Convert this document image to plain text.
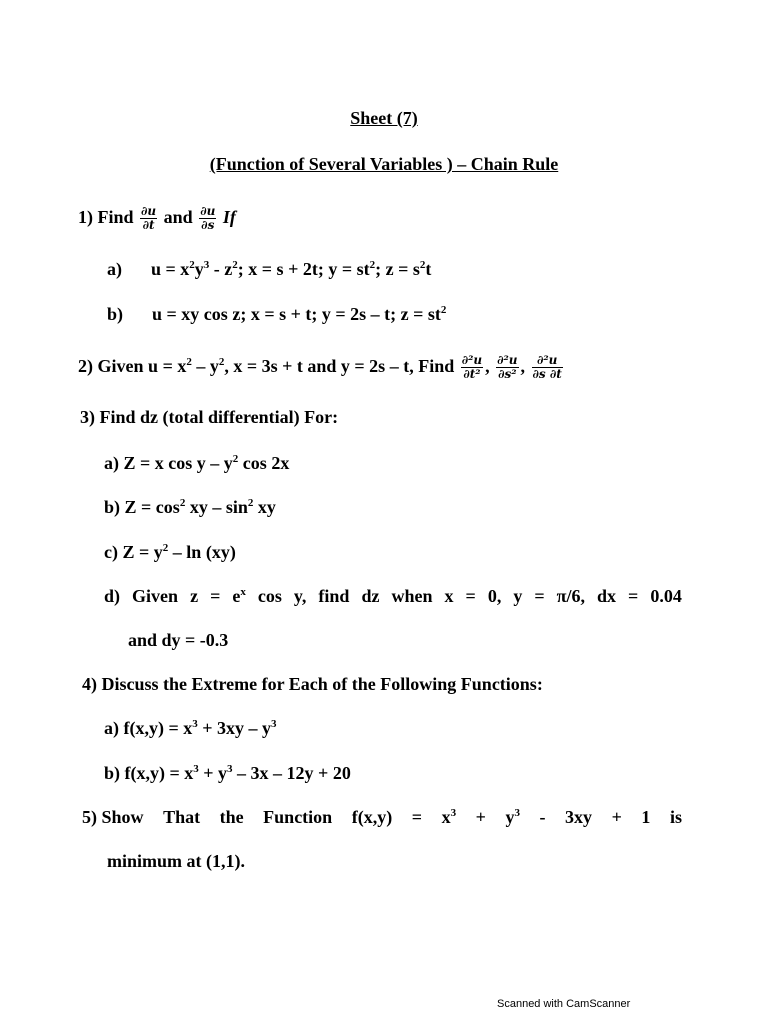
Sheet (7)
(Function of Several Variables ) – Chain Rule
1) Find $\frac{\partial u}{\partial t}$ and $\frac{\partial u}{\partial s}$ If
a) $u = x^2y^3 - z^2$; x = s + 2t; $y = st^2$; $z = s^2t$
b) u = xy cos z; x = s + t; y = 2s – t; $z = st^2$
2) Given $u = x^2 - y^2$, x = 3s + t and y = 2s – t, Find $\frac{\text{∂²u}}{\text{∂t²}}$ , $\frac{\text{∂²u}}{\text{∂s²}}$ , $\frac{\text{∂²u}}{\partial s \partial t}$
3) Find dz (total differential) For:
a) Z = x cos y – $y^2$ cos 2x
b) $Z = \cos^2$ xy – $\sin^2$ xy
c) $Z = y^2 - \ln (xy)$
d) Given $z = e^x$ cos y, find dz when x = 0, y = π/6, dx = 0.04
and dy = -0.3
4) Discuss the Extreme for Each of the Following Functions:
a) $f(x,y) = x^3 + 3xy - y^3$
b) $f(x,y) = x^3 + y^3 - 3x - 12y + 20$
5) Show That the Function $f(x,y) = x^3 + y^3 - 3xy + 1$ is
minimum at (1,1).
Scanned with CamScanner
